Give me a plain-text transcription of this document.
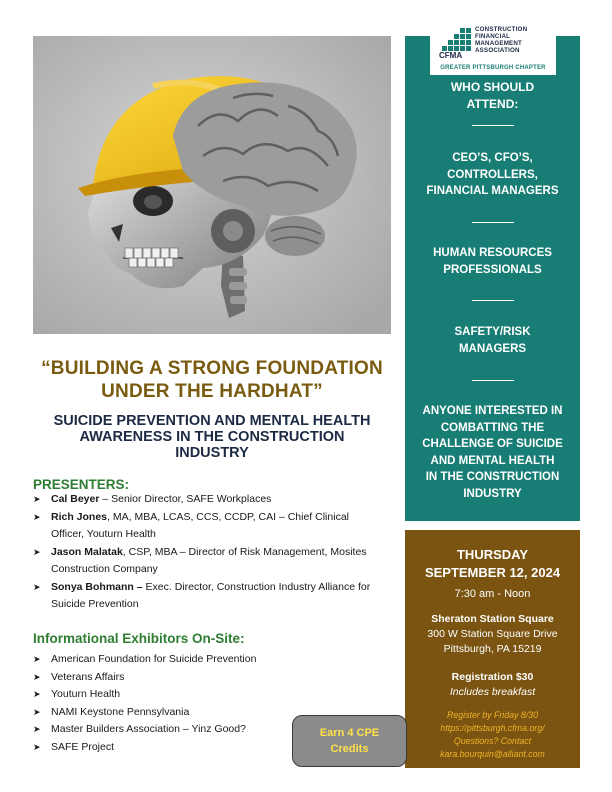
“BUILDING A STRONG FOUNDATION
UNDER THE HARDHAT”
SUICIDE PREVENTION AND MENTAL HEALTH
AWARENESS IN THE CONSTRUCTION
INDUSTRY
PRESENTERS:
➤ Cal Beyer – Senior Director, SAFE Workplaces
➤ Rich Jones, MA, MBA, LCAS, CCS, CCDP, CAI – Chief Clinical
Officer, Youturn Health
➤ Jason Malatak, CSP, MBA – Director of Risk Management, Mosites
Construction Company
➤ Sonya Bohmann – Exec. Director, Construction Industry Alliance for
Suicide Prevention
Informational Exhibitors On-Site:
➤ American Foundation for Suicide Prevention
➤ Veterans Affairs
➤ Youturn Health
➤ NAMI Keystone Pennsylvania
➤ Master Builders Association – Yinz Good?
➤ SAFE Project
CONSTRUCTION
FINANCIAL
MANAGEMENT
ASSOCIATION
CFMA
GREATER PITTSBURGH CHAPTER
WHO SHOULD
ATTEND:
CEO’S, CFO’S,
CONTROLLERS,
FINANCIAL MANAGERS
HUMAN RESOURCES
PROFESSIONALS
SAFETY/RISK
MANAGERS
ANYONE INTERESTED IN
COMBATTING THE
CHALLENGE OF SUICIDE
AND MENTAL HEALTH
IN THE CONSTRUCTION
INDUSTRY
THURSDAY
SEPTEMBER 12, 2024
7:30 am - Noon
Sheraton Station Square
300 W Station Square Drive
Pittsburgh, PA 15219
Registration $30
Includes breakfast
Register by Friday 8/30
https://pittsburgh.cfma.org/
Questions? Contact
kara.bourquin@alliant.com
Earn 4 CPE
Credits
